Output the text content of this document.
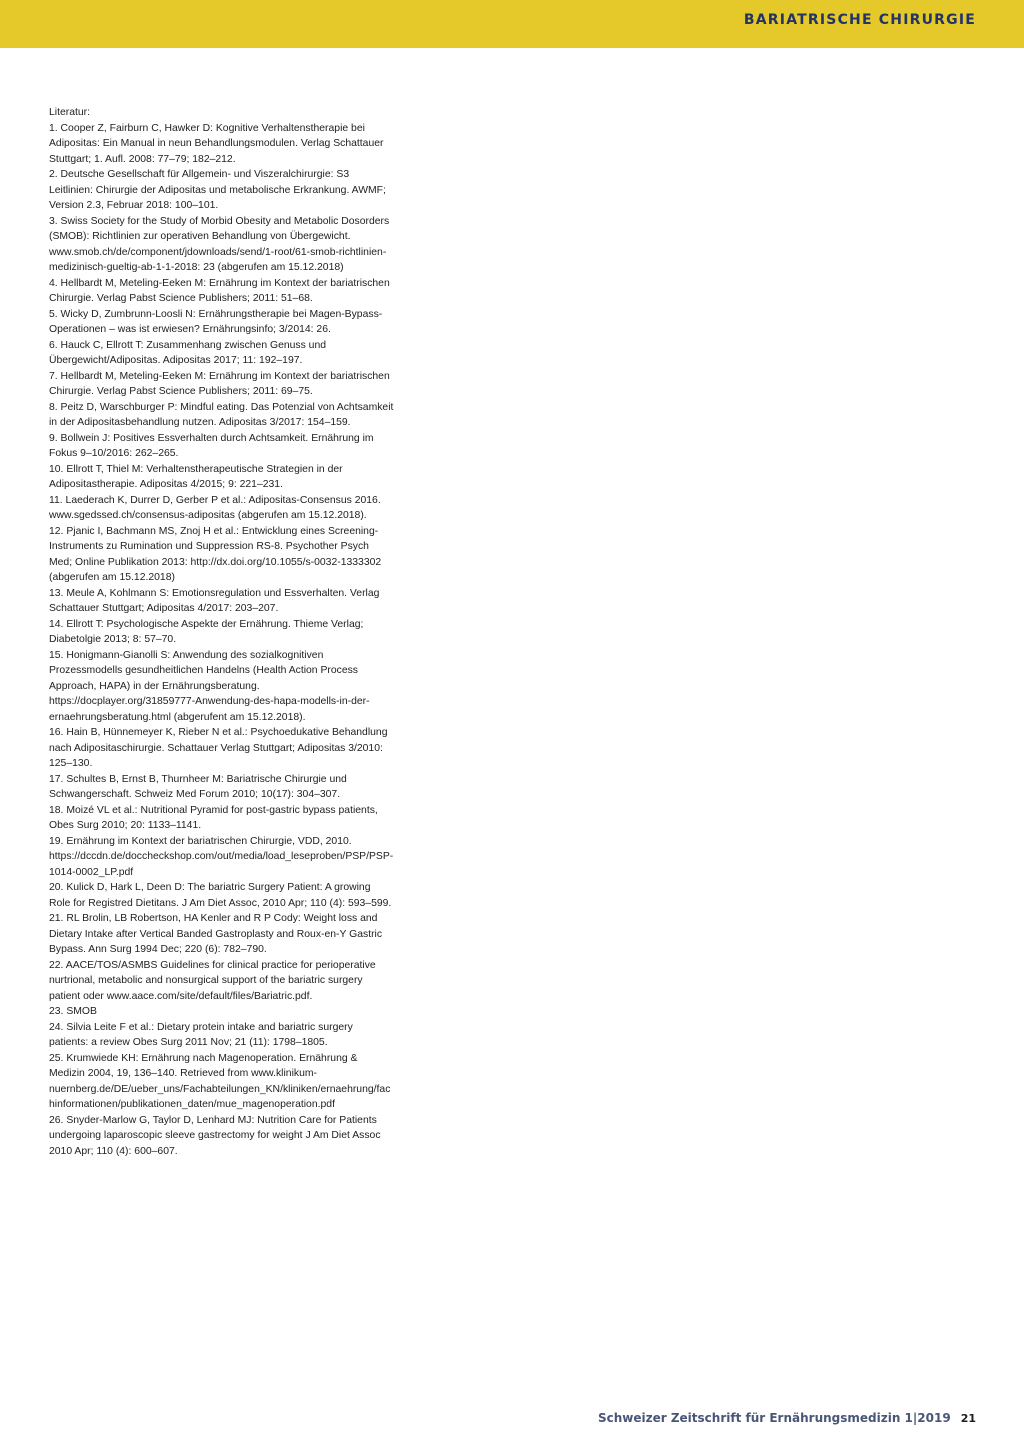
BARIATRISCHE CHIRURGIE
Literatur:
1. Cooper Z, Fairburn C, Hawker D: Kognitive Verhaltenstherapie bei Adipositas: Ein Manual in neun Behandlungsmodulen. Verlag Schattauer Stuttgart; 1. Aufl. 2008: 77–79; 182–212.
2. Deutsche Gesellschaft für Allgemein- und Viszeralchirurgie: S3 Leitlinien: Chirurgie der Adipositas und metabolische Erkrankung. AWMF; Version 2.3, Februar 2018: 100–101.
3. Swiss Society for the Study of Morbid Obesity and Metabolic Dosorders (SMOB): Richtlinien zur operativen Behandlung von Übergewicht. www.smob.ch/de/component/jdownloads/send/1-root/61-smob-richtlinien-medizinisch-gueltig-ab-1-1-2018: 23 (abgerufen am 15.12.2018)
4. Hellbardt M, Meteling-Eeken M: Ernährung im Kontext der bariatrischen Chirurgie. Verlag Pabst Science Publishers; 2011: 51–68.
5. Wicky D, Zumbrunn-Loosli N: Ernährungstherapie bei Magen-Bypass-Operationen – was ist erwiesen? Ernährungsinfo; 3/2014: 26.
6. Hauck C, Ellrott T: Zusammenhang zwischen Genuss und Übergewicht/Adipositas. Adipositas 2017; 11: 192–197.
7. Hellbardt M, Meteling-Eeken M: Ernährung im Kontext der bariatrischen Chirurgie. Verlag Pabst Science Publishers; 2011: 69–75.
8. Peitz D, Warschburger P: Mindful eating. Das Potenzial von Achtsamkeit in der Adipositasbehandlung nutzen. Adipositas 3/2017: 154–159.
9. Bollwein J: Positives Essverhalten durch Achtsamkeit. Ernährung im Fokus 9–10/2016: 262–265.
10. Ellrott T, Thiel M: Verhaltenstherapeutische Strategien in der Adipositastherapie. Adipositas 4/2015; 9: 221–231.
11. Laederach K, Durrer D, Gerber P et al.: Adipositas-Consensus 2016. www.sgedssed.ch/consensus-adipositas (abgerufen am 15.12.2018).
12. Pjanic I, Bachmann MS, Znoj H et al.: Entwicklung eines Screening-Instruments zu Rumination und Suppression RS-8. Psychother Psych Med; Online Publikation 2013: http://dx.doi.org/10.1055/s-0032-1333302 (abgerufen am 15.12.2018)
13. Meule A, Kohlmann S: Emotionsregulation und Essverhalten. Verlag Schattauer Stuttgart; Adipositas 4/2017: 203–207.
14. Ellrott T: Psychologische Aspekte der Ernährung. Thieme Verlag; Diabetolgie 2013; 8: 57–70.
15. Honigmann-Gianolli S: Anwendung des sozialkognitiven Prozessmodells gesundheitlichen Handelns (Health Action Process Approach, HAPA) in der Ernährungsberatung. https://docplayer.org/31859777-Anwendung-des-hapa-modells-in-der-ernaehrungsberatung.html (abgerufent am 15.12.2018).
16. Hain B, Hünnemeyer K, Rieber N et al.: Psychoedukative Behandlung nach Adipositaschirurgie. Schattauer Verlag Stuttgart; Adipositas 3/2010: 125–130.
17. Schultes B, Ernst B, Thurnheer M: Bariatrische Chirurgie und Schwangerschaft. Schweiz Med Forum 2010; 10(17): 304–307.
18. Moizé VL et al.: Nutritional Pyramid for post-gastric bypass patients, Obes Surg 2010; 20: 1133–1141.
19. Ernährung im Kontext der bariatrischen Chirurgie, VDD, 2010. https://dccdn.de/doccheckshop.com/out/media/load_leseproben/PSP/PSP-1014-0002_LP.pdf
20. Kulick D, Hark L, Deen D: The bariatric Surgery Patient: A growing Role for Registred Dietitans. J Am Diet Assoc, 2010 Apr; 110 (4): 593–599.
21. RL Brolin, LB Robertson, HA Kenler and R P Cody: Weight loss and Dietary Intake after Vertical Banded Gastroplasty and Roux-en-Y Gastric Bypass. Ann Surg 1994 Dec; 220 (6): 782–790.
22. AACE/TOS/ASMBS Guidelines for clinical practice for perioperative nurtrional, metabolic and nonsurgical support of the bariatric surgery patient oder www.aace.com/site/default/files/Bariatric.pdf.
23. SMOB
24. Silvia Leite F et al.: Dietary protein intake and bariatric surgery patients: a review Obes Surg 2011 Nov; 21 (11): 1798–1805.
25. Krumwiede KH: Ernährung nach Magenoperation. Ernährung & Medizin 2004, 19, 136–140. Retrieved from www.klinikum-nuernberg.de/DE/ueber_uns/Fachabteilungen_KN/kliniken/ernaehrung/fachinformationen/publikationen_daten/mue_magenoperation.pdf
26. Snyder-Marlow G, Taylor D, Lenhard MJ: Nutrition Care for Patients undergoing laparoscopic sleeve gastrectomy for weight J Am Diet Assoc 2010 Apr; 110 (4): 600–607.
Schweizer Zeitschrift für Ernährungsmedizin 1|2019 21
